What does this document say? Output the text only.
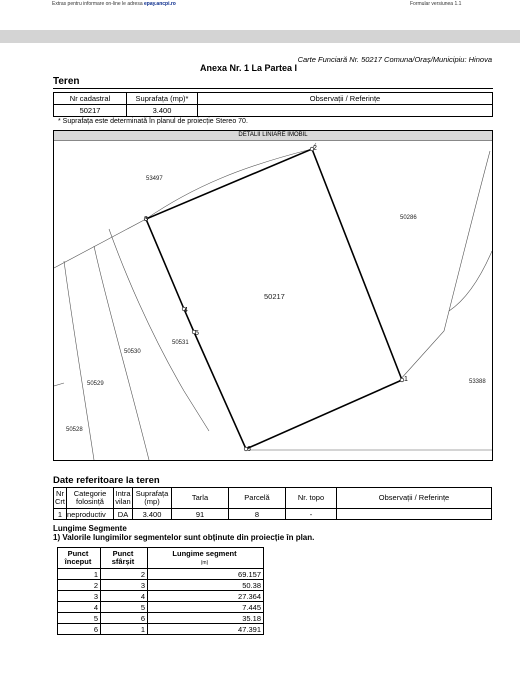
Extras pentru informare on-line le adresa epay.ancpi.ro	Formular versiunea 1.1
Carte Funciară Nr. 50217 Comuna/Oraș/Municipiu: Hinova
Anexa Nr. 1 La Partea I
Teren
Nr cadastral	Suprafața (mp)*	Observații / Referințe
50217	3.400	
* Suprafața este determinată în planul de proiecție Stereo 70.
DETALII LINIARE IMOBIL
1
2
3
4
5
6
50217
53497
50286
50531
50530
50529
50528
53388
Date referitoare la teren
Nr Crt	Categorie folosință	Intra vilan	Suprafața (mp)	Tarla	Parcelă	Nr. topo	Observații / Referințe
1	neproductiv	DA	3.400	91	8	-	
Lungime Segmente
1) Valorile lungimilor segmentelor sunt obținute din proiecție în plan.
Punct început	Punct sfârșit	Lungime segment
(m)
1	2	69.157
2	3	50.38
3	4	27.364
4	5	7.445
5	6	35.18
6	1	47.391
